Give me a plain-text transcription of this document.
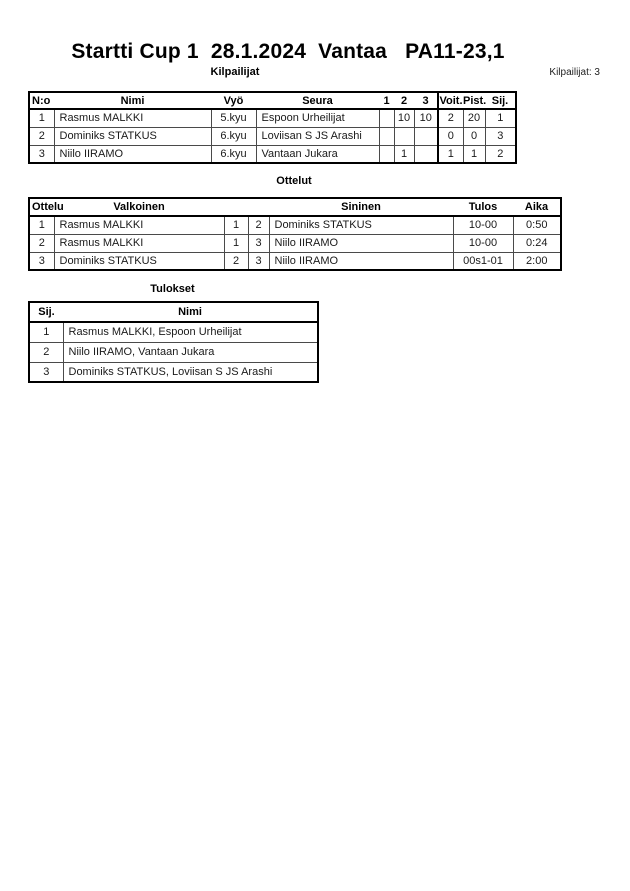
Startti Cup 1  28.1.2024  Vantaa   PA11-23,1
Kilpailijat	Kilpailijat: 3
N:o	Nimi	Vyö	Seura	1	2	3	Voit.	Pist.	Sij.
1	Rasmus MALKKI	5.kyu	Espoon Urheilijat		10	10	2	20	1
2	Dominiks STATKUS	6.kyu	Loviisan S JS Arashi				0	0	3
3	Niilo IIRAMO	6.kyu	Vantaan Jukara		1		1	1	2
Ottelut
Ottelu	Valkoinen			Sininen	Tulos	Aika
1	Rasmus MALKKI	1	2	Dominiks STATKUS	10-00	0:50
2	Rasmus MALKKI	1	3	Niilo IIRAMO	10-00	0:24
3	Dominiks STATKUS	2	3	Niilo IIRAMO	00s1-01	2:00
Tulokset
Sij.	Nimi
1	Rasmus MALKKI, Espoon Urheilijat
2	Niilo IIRAMO, Vantaan Jukara
3	Dominiks STATKUS, Loviisan S JS Arashi
